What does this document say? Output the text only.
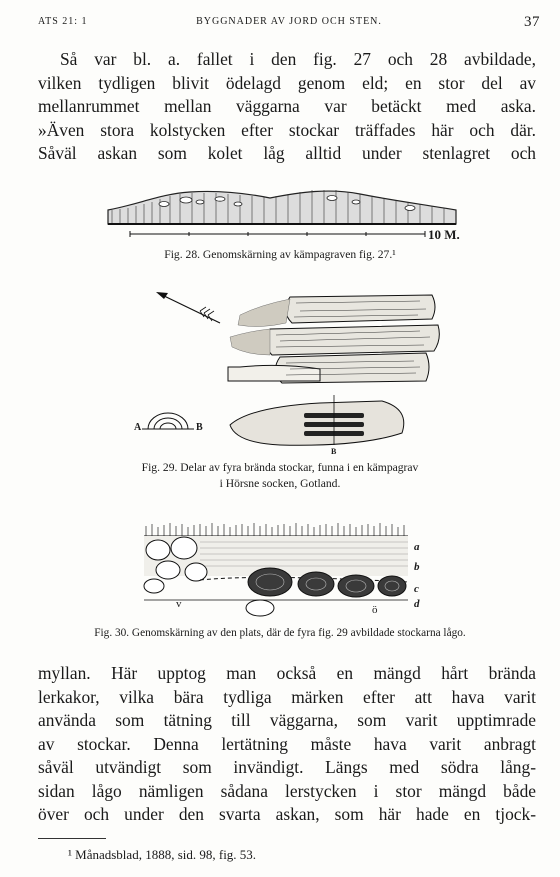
ATS 21: 1	BYGGNADER AV JORD OCH STEN.	37
Så var bl. a. fallet i den fig. 27 och 28 avbildade,
vilken tydligen blivit ödelagd genom eld; en stor del av
mellanrummet mellan väggarna var betäckt med aska.
»Även stora kolstycken efter stockar träffades här och där.
Såväl askan som kolet låg alltid under stenlagret och
10 M.
Fig. 28. Genomskärning av kämpagraven fig. 27.¹
A	B
B
Fig. 29. Delar av fyra brända stockar, funna i en kämpagrav
i Hörsne socken, Gotland.
a
b
c
d
v	ö
Fig. 30. Genomskärning av den plats, där de fyra fig. 29 avbildade stockarna lågo.
myllan. Här upptog man också en mängd hårt brända
lerkakor, vilka bära tydliga märken efter att hava varit
använda som tätning till väggarna, som varit upptimrade
av stockar. Denna lertätning måste hava varit anbragt
såväl utvändigt som invändigt. Längs med södra lång-
sidan lågo nämligen sådana lerstycken i stor mängd både
över och under den svarta askan, som här hade en tjock-
¹ Månadsblad, 1888, sid. 98, fig. 53.
